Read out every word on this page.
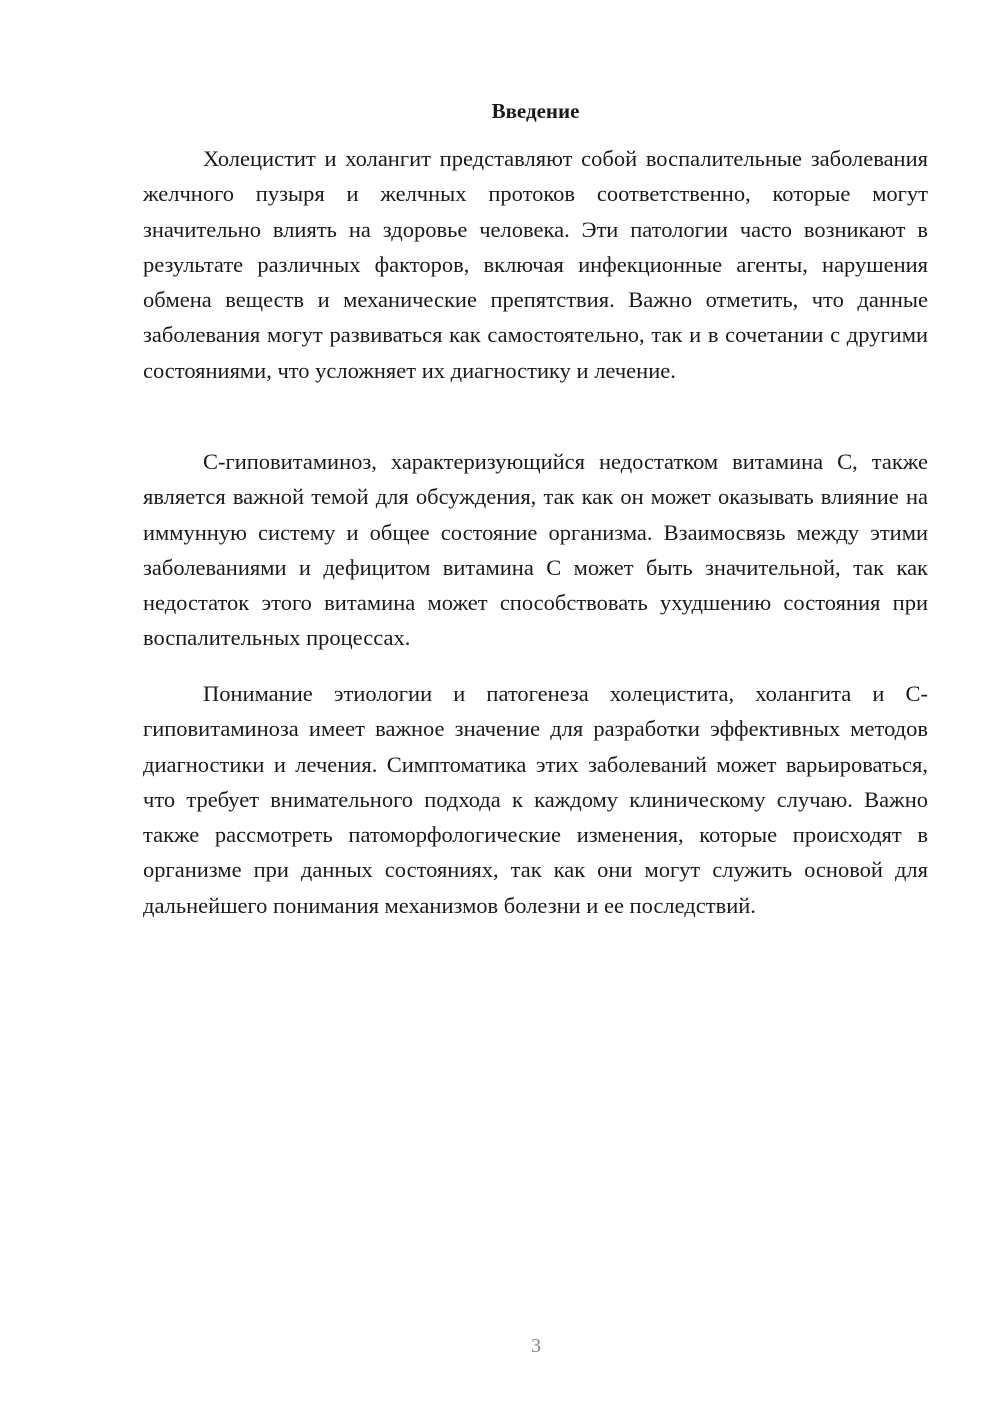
Введение

Холецистит и холангит представляют собой воспалительные заболевания желчного пузыря и желчных протоков соответственно, которые могут значительно влиять на здоровье человека. Эти патологии часто возникают в результате различных факторов, включая инфекционные агенты, нарушения обмена веществ и механические препятствия. Важно отметить, что данные заболевания могут развиваться как самостоятельно, так и в сочетании с другими состояниями, что усложняет их диагностику и лечение.

С-гиповитаминоз, характеризующийся недостатком витамина С, также является важной темой для обсуждения, так как он может оказывать влияние на иммунную систему и общее состояние организма. Взаимосвязь между этими заболеваниями и дефицитом витамина С может быть значительной, так как недостаток этого витамина может способствовать ухудшению состояния при воспалительных процессах.

Понимание этиологии и патогенеза холецистита, холангита и С-гиповитаминоза имеет важное значение для разработки эффективных методов диагностики и лечения. Симптоматика этих заболеваний может варьироваться, что требует внимательного подхода к каждому клиническому случаю. Важно также рассмотреть патоморфологические изменения, которые происходят в организме при данных состояниях, так как они могут служить основой для дальнейшего понимания механизмов болезни и ее последствий.

3
